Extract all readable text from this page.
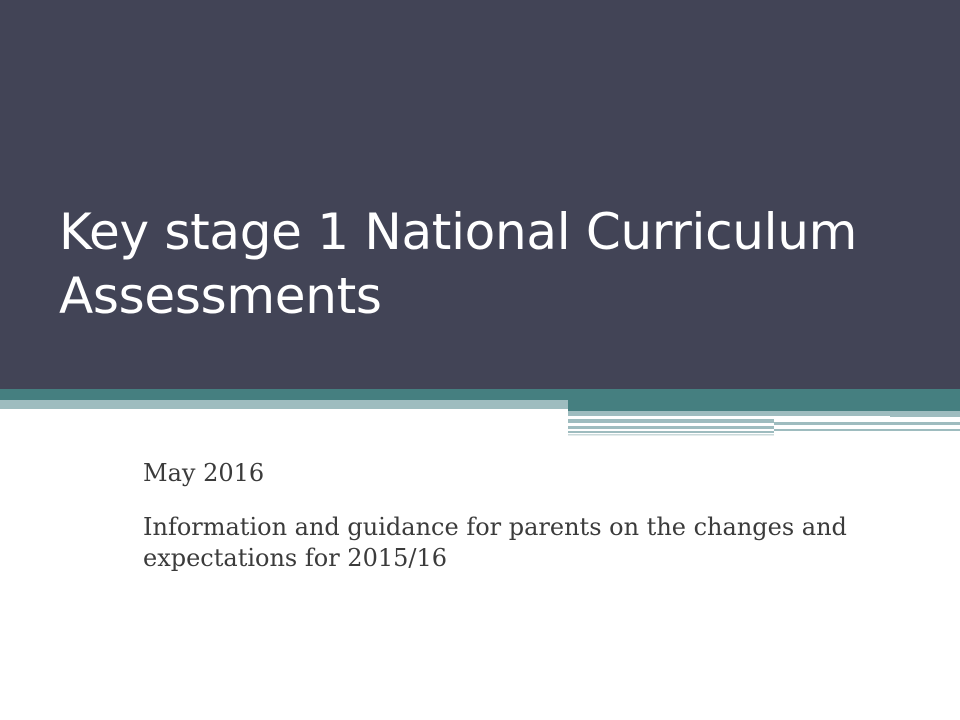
Key stage 1 National Curriculum Assessments

May 2016

Information and guidance for parents on the changes and expectations for 2015/16
